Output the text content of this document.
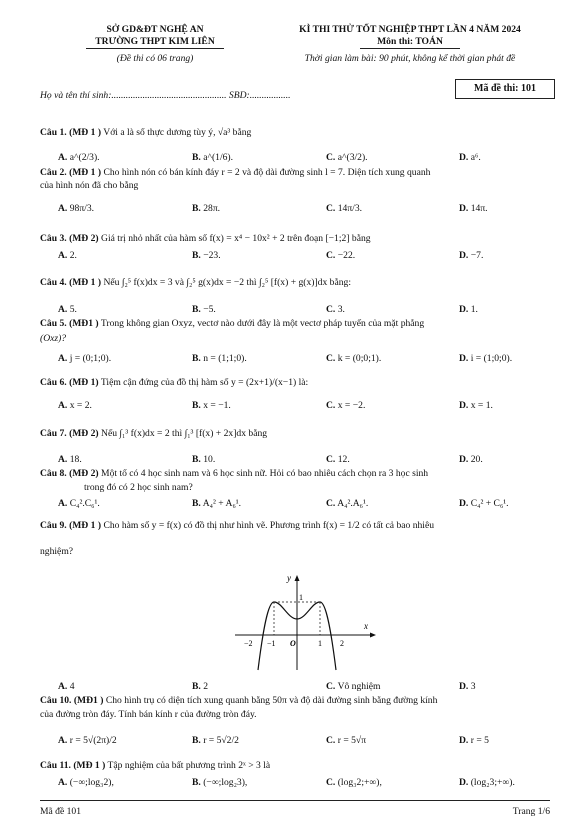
SỞ GD&ĐT NGHỆ AN
TRƯỜNG THPT KIM LIÊN
(Đề thi có 06 trang)
KÌ THI THỬ TỐT NGHIỆP THPT LẦN 4 NĂM 2024
Môn thi: TOÁN
Thời gian làm bài: 90 phút, không kể thời gian phát đề
Mã đề thi: 101
Họ và tên thí sinh:................................................ SBD:.................
Câu 1. (MĐ 1 ) Với a là số thực dương tùy ý, √a³ bằng
A. a^(2/3).	B. a^(1/6).	C. a^(3/2).	D. a⁶.
Câu 2. (MĐ 1 ) Cho hình nón có bán kính đáy r = 2 và độ dài đường sinh l = 7. Diện tích xung quanh
của hình nón đã cho bằng
A. 98π/3.	B. 28π.	C. 14π/3.	D. 14π.
Câu 3. (MĐ 2) Giá trị nhỏ nhất của hàm số f(x) = x⁴ − 10x² + 2 trên đoạn [−1;2] bằng
A. 2.	B. −23.	C. −22.	D. −7.
Câu 4. (MĐ 1 ) Nếu ∫₂⁵ f(x)dx = 3 và ∫₂⁵ g(x)dx = −2 thì ∫₂⁵ [f(x) + g(x)]dx bằng:
A. 5.	B. −5.	C. 3.	D. 1.
Câu 5. (MĐ1 ) Trong không gian Oxyz, vectơ nào dưới đây là một vectơ pháp tuyến của mặt phẳng
(Oxz)?
A. j = (0;1;0).	B. n = (1;1;0).	C. k = (0;0;1).	D. i = (1;0;0).
Câu 6. (MĐ 1) Tiệm cận đứng của đồ thị hàm số y = (2x+1)/(x−1) là:
A. x = 2.	B. x = −1.	C. x = −2.	D. x = 1.
Câu 7. (MĐ 2) Nếu ∫₁³ f(x)dx = 2 thì ∫₁³ [f(x) + 2x]dx bằng
A. 18.	B. 10.	C. 12.	D. 20.
Câu 8. (MĐ 2) Một tổ có 4 học sinh nam và 6 học sinh nữ. Hỏi có bao nhiêu cách chọn ra 3 học sinh
trong đó có 2 học sinh nam?
A. C₄².C₆¹.	B. A₄² + A₆¹.	C. A₄².A₆¹.	D. C₄² + C₆¹.
Câu 9. (MĐ 1 ) Cho hàm số y = f(x) có đồ thị như hình vẽ. Phương trình f(x) = 1/2 có tất cả bao nhiêu
nghiệm?
y
x
1
−2 −1 O	1 2
A. 4	B. 2	C. Vô nghiệm	D. 3
Câu 10. (MĐ1 ) Cho hình trụ có diện tích xung quanh bằng 50π và độ dài đường sinh bằng đường kính
của đường tròn đáy. Tính bán kính r của đường tròn đáy.
A. r = 5√(2π)/2	B. r = 5√2/2	C. r = 5√π	D. r = 5
Câu 11. (MĐ 1 ) Tập nghiệm của bất phương trình 2ˣ > 3 là
A. (−∞;log₃2),	B. (−∞;log₂3),	C. (log₃2;+∞),	D. (log₂3;+∞).
Mã đề 101	Trang 1/6
